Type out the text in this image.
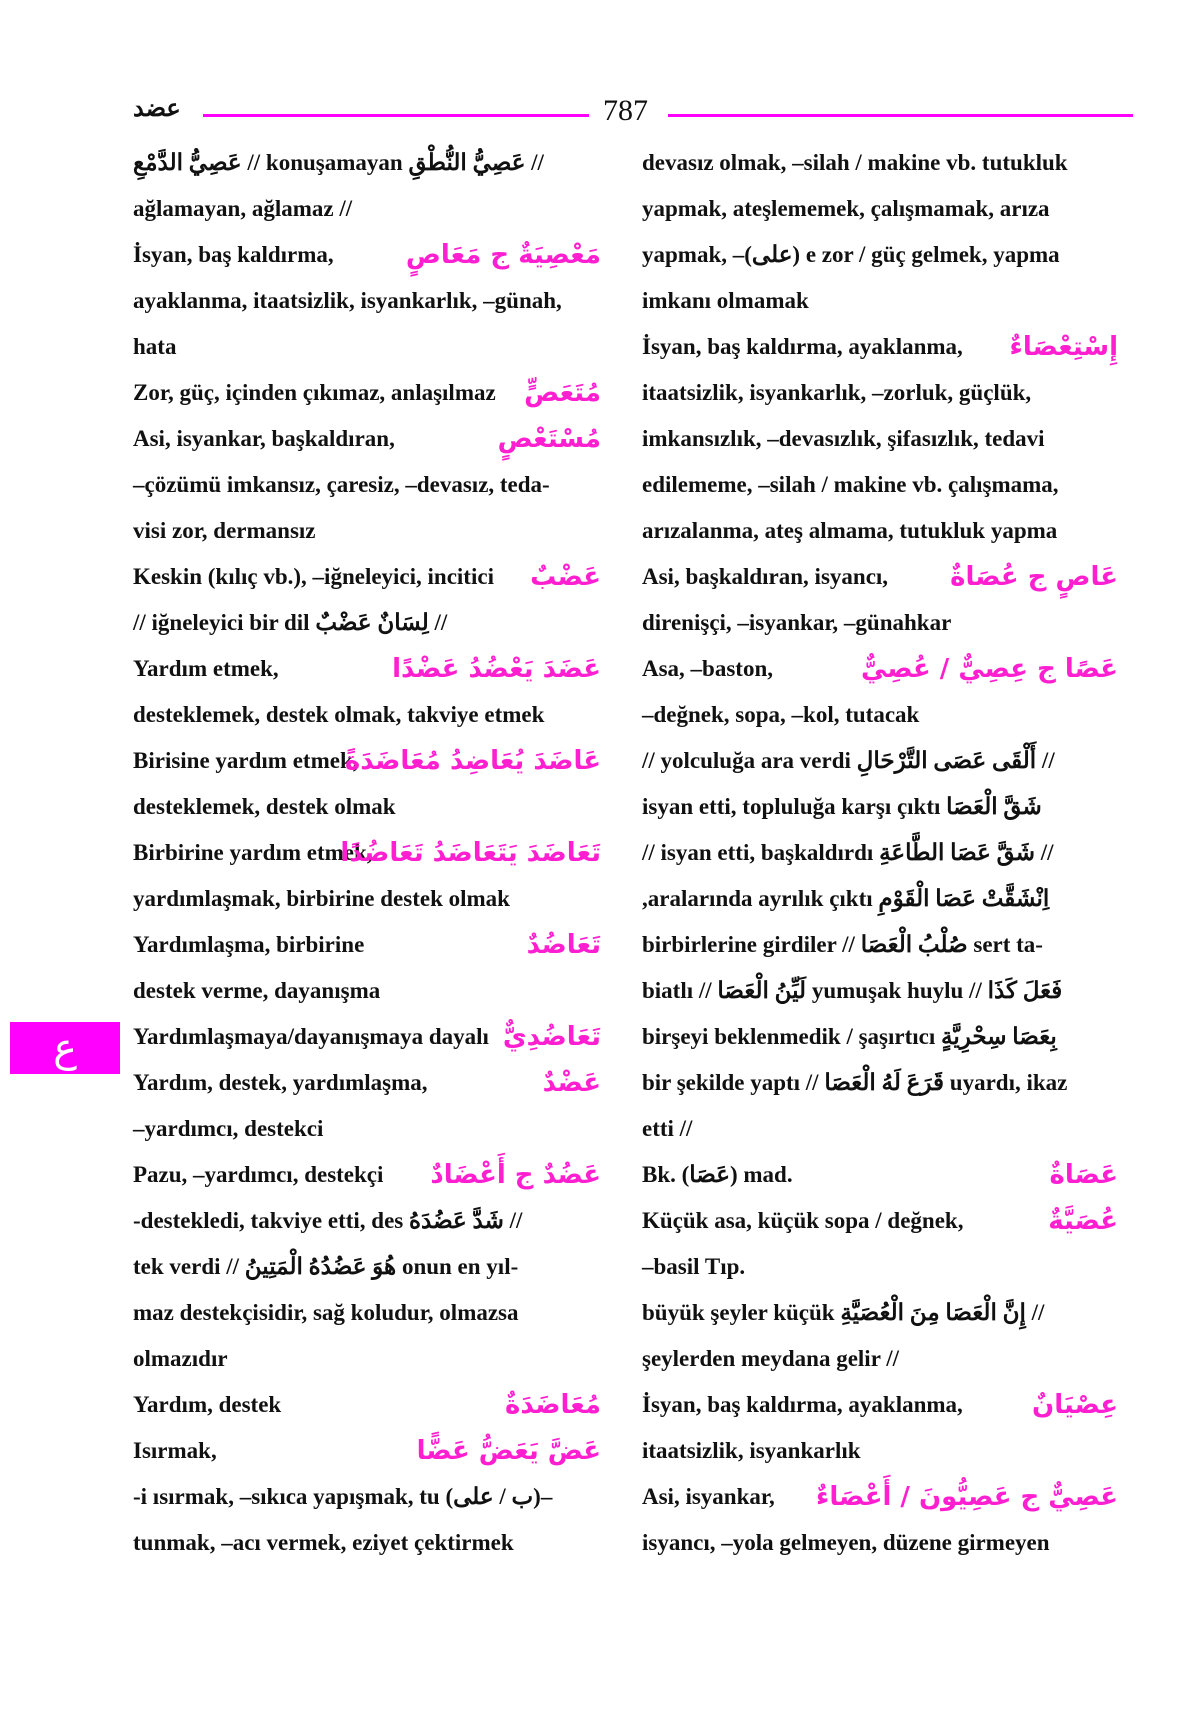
عضد	787
// عَصِيُّ النُّطْقِ konuşamayan // عَصِيُّ الدَّمْعِ
ağlamayan, ağlamaz //
İsyan, baş kaldırma,	مَعْصِيَةٌ ج مَعَاصٍ
ayaklanma, itaatsizlik, isyankarlık, –günah,
hata
Zor, güç, içinden çıkımaz, anlaşılmaz مُتَعَصٍّ
Asi, isyankar, başkaldıran,	مُسْتَعْصٍ
–çözümü imkansız, çaresiz, –devasız, teda-
visi zor, dermansız
Keskin (kılıç vb.), –iğneleyici, incitici عَضْبٌ
// لِسَانٌ عَضْبٌ iğneleyici bir dil //
Yardım etmek,	عَضَدَ يَعْضُدُ عَضْدًا
desteklemek, destek olmak, takviye etmek
Birisine yardım etmek,
عَاضَدَ يُعَاضِدُ مُعَاضَدَةً
desteklemek, destek olmak
Birbirine yardım etmek,
تَعَاضَدَ يَتَعَاضَدُ تَعَاضُدًا
yardımlaşmak, birbirine destek olmak
Yardımlaşma, birbirine	تَعَاضُدٌ
destek verme, dayanışma
Yardımlaşmaya/dayanışmaya dayalı تَعَاضُدِيٌّ
Yardım, destek, yardımlaşma,	عَضْدٌ
–yardımcı, destekci
Pazu, –yardımcı, destekçi عَضُدٌ ج أَعْضَادٌ
// شَدَّ عَضُدَهُ destekledi, takviye etti, des-
tek verdi // هُوَ عَضُدُهُ الْمَتِينُ onun en yıl-
maz destekçisidir, sağ koludur, olmazsa
olmazıdır
Yardım, destek	مُعَاضَدَةٌ
Isırmak,	عَضَّ يَعَضُّ عَضًّا
–(ب / على) i ısırmak, –sıkıca yapışmak, tu-
tunmak, –acı vermek, eziyet çektirmek
devasız olmak, –silah / makine vb. tutukluk
yapmak, ateşlememek, çalışmamak, arıza
yapmak, –(على) e zor / güç gelmek, yapma
imkanı olmamak
İsyan, baş kaldırma, ayaklanma, إِسْتِعْصَاءٌ
itaatsizlik, isyankarlık, –zorluk, güçlük,
imkansızlık, –devasızlık, şifasızlık, tedavi
edilememe, –silah / makine vb. çalışmama,
arızalanma, ateş almama, tutukluk yapma
Asi, başkaldıran, isyancı, عَاصٍ ج عُصَاةٌ
direnişçi, –isyankar, –günahkar
Asa, –baston,	عَصًا ج عِصِيٌّ / عُصِيٌّ
–değnek, sopa, –kol, tutacak
// أَلْقَى عَصَى التَّرْحَالِ yolculuğa ara verdi //
شَقَّ الْعَصَا isyan etti, topluluğa karşı çıktı
// شَقَّ عَصَا الطَّاعَةِ isyan etti, başkaldırdı //
اِنْشَقَّتْ عَصَا الْقَوْمِ aralarında ayrılık çıktı,
birbirlerine girdiler // صُلْبُ الْعَصَا sert ta-
biatlı // لَيِّنُ الْعَصَا yumuşak huylu // فَعَلَ كَذَا
بِعَصَا سِحْرِيَّةٍ birşeyi beklenmedik / şaşırtıcı
bir şekilde yaptı // قَرَعَ لَهُ الْعَصَا uyardı, ikaz
etti //
Bk. (عَصَا) mad.	عَصَاةٌ
Küçük asa, küçük sopa / değnek,	عُصَيَّةٌ
–basil Tıp.
// إِنَّ الْعَصَا مِنَ الْعُصَيَّةِ büyük şeyler küçük
şeylerden meydana gelir //
İsyan, baş kaldırma, ayaklanma,	عِصْيَانٌ
itaatsizlik, isyankarlık
Asi, isyankar, عَصِيٌّ ج عَصِيُّونَ / أَعْصَاءٌ
isyancı, –yola gelmeyen, düzene girmeyen
ع
